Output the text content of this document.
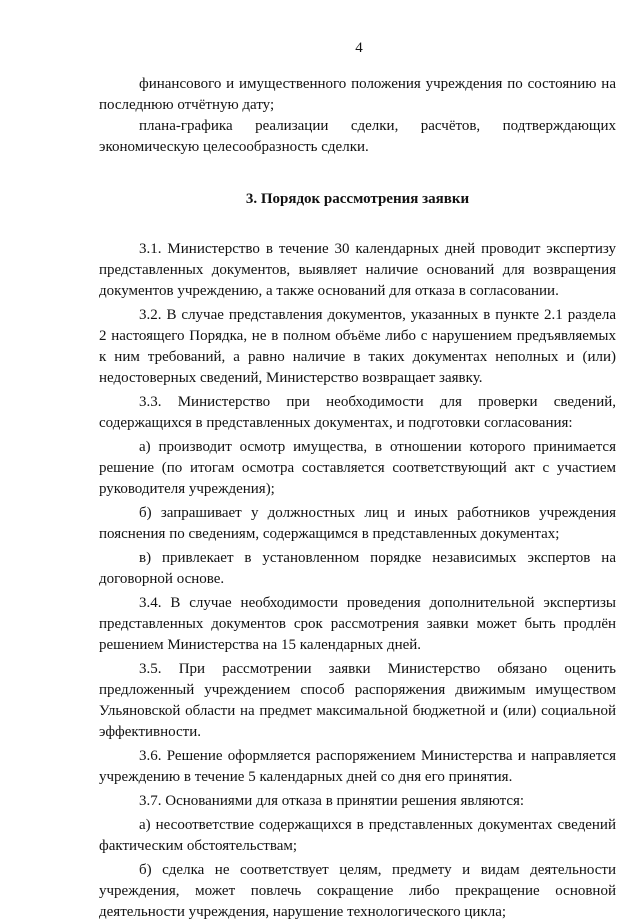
4

финансового и имущественного положения учреждения по состоянию на последнюю отчётную дату;

плана-графика реализации сделки, расчётов, подтверждающих экономическую целесообразность сделки.

3. Порядок рассмотрения заявки

3.1. Министерство в течение 30 календарных дней проводит экспертизу представленных документов, выявляет наличие оснований для возвращения документов учреждению, а также оснований для отказа в согласовании.

3.2. В случае представления документов, указанных в пункте 2.1 раздела 2 настоящего Порядка, не в полном объёме либо с нарушением предъявляемых к ним требований, а равно наличие в таких документах неполных и (или) недостоверных сведений, Министерство возвращает заявку.

3.3. Министерство при необходимости для проверки сведений, содержащихся в представленных документах, и подготовки согласования:

а) производит осмотр имущества, в отношении которого принимается решение (по итогам осмотра составляется соответствующий акт с участием руководителя учреждения);

б) запрашивает у должностных лиц и иных работников учреждения пояснения по сведениям, содержащимся в представленных документах;

в) привлекает в установленном порядке независимых экспертов на договорной основе.

3.4. В случае необходимости проведения дополнительной экспертизы представленных документов срок рассмотрения заявки может быть продлён решением Министерства на 15 календарных дней.

3.5. При рассмотрении заявки Министерство обязано оценить предложенный учреждением способ распоряжения движимым имуществом Ульяновской области на предмет максимальной бюджетной и (или) социальной эффективности.

3.6. Решение оформляется распоряжением Министерства и направляется учреждению в течение 5 календарных дней со дня его принятия.

3.7. Основаниями для отказа в принятии решения являются:

а) несоответствие содержащихся в представленных документах сведений фактическим обстоятельствам;

б) сделка не соответствует целям, предмету и видам деятельности учреждения, может повлечь сокращение либо прекращение основной деятельности учреждения, нарушение технологического цикла;
